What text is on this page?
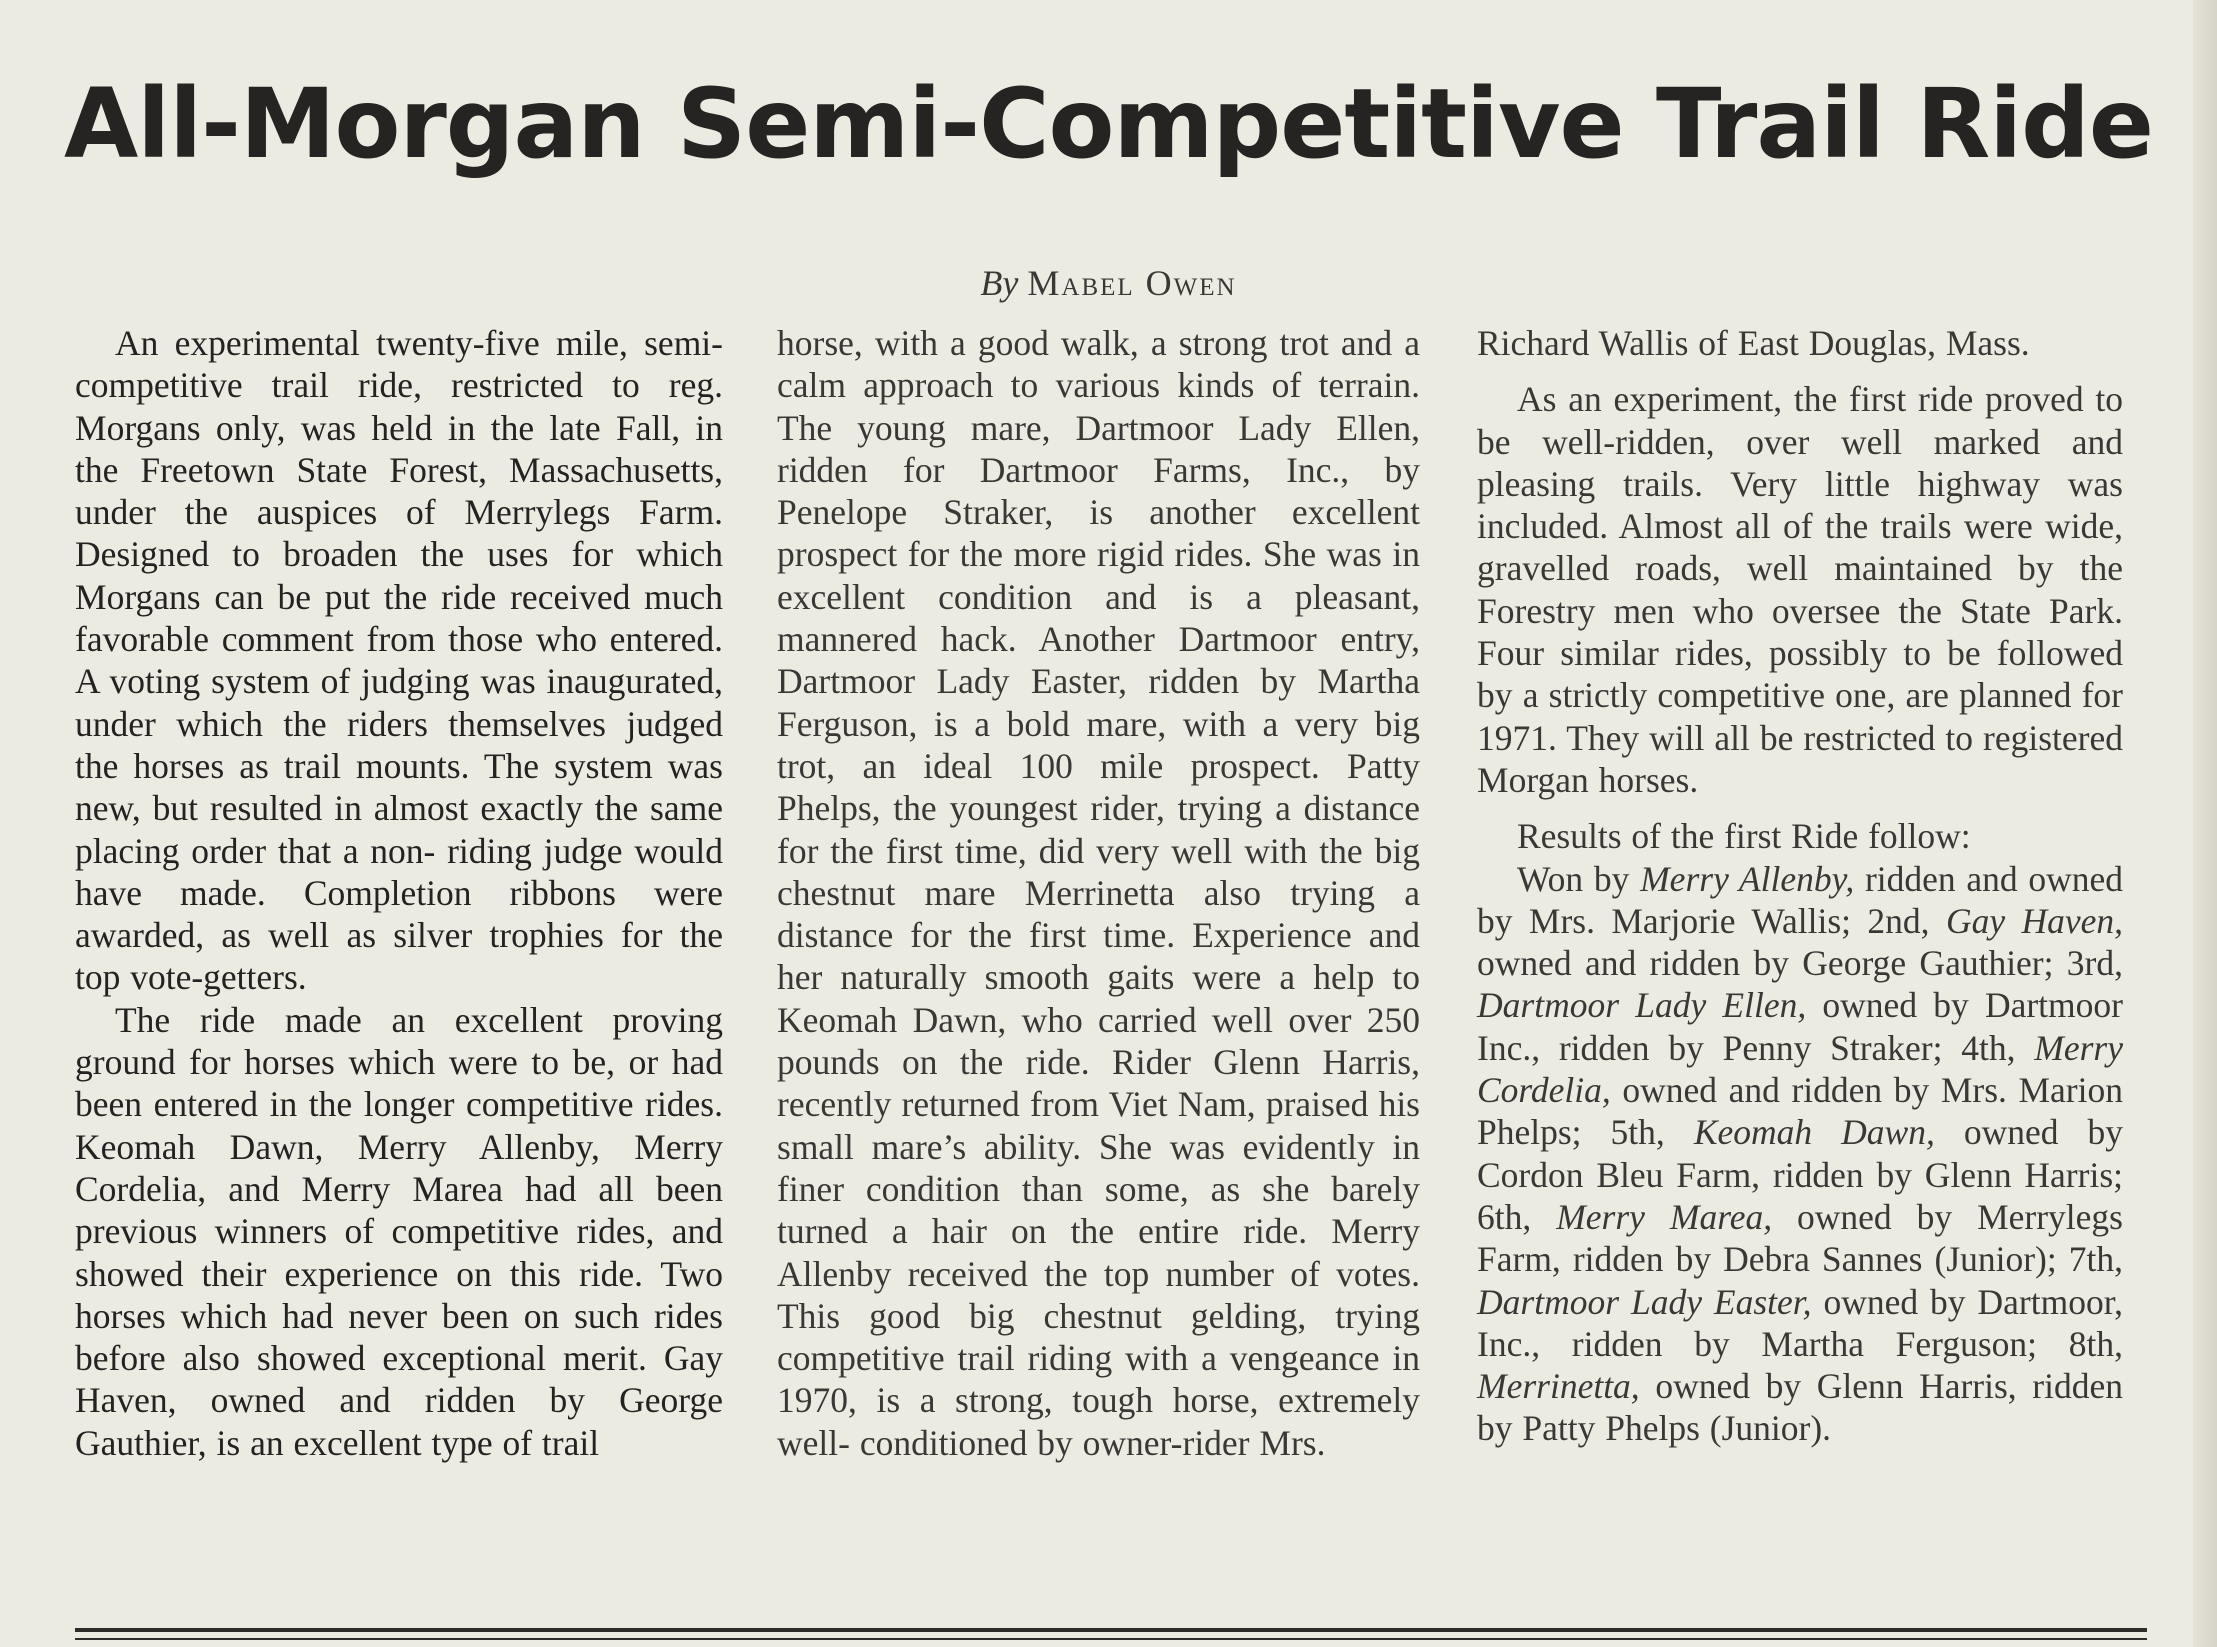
All-Morgan Semi-Competitive Trail Ride
By Mabel Owen

An experimental twenty-five mile, semi-competitive trail ride, restricted to reg. Morgans only, was held in the late Fall, in the Freetown State Forest, Massachusetts, under the auspices of Merrylegs Farm. Designed to broaden the uses for which Morgans can be put the ride received much favorable comment from those who entered. A voting system of judging was inaugurated, under which the riders themselves judged the horses as trail mounts. The system was new, but resulted in almost exactly the same placing order that a non- riding judge would have made. Completion ribbons were awarded, as well as silver trophies for the top vote-getters.

The ride made an excellent proving ground for horses which were to be, or had been entered in the longer competitive rides. Keomah Dawn, Merry Allenby, Merry Cordelia, and Merry Marea had all been previous winners of competitive rides, and showed their experience on this ride. Two horses which had never been on such rides before also showed exceptional merit. Gay Haven, owned and ridden by George Gauthier, is an excellent type of trail

horse, with a good walk, a strong trot and a calm approach to various kinds of terrain. The young mare, Dartmoor Lady Ellen, ridden for Dartmoor Farms, Inc., by Penelope Straker, is another excellent prospect for the more rigid rides. She was in excellent condition and is a pleasant, mannered hack. Another Dartmoor entry, Dartmoor Lady Easter, ridden by Martha Ferguson, is a bold mare, with a very big trot, an ideal 100 mile prospect. Patty Phelps, the youngest rider, trying a distance for the first time, did very well with the big chestnut mare Merrinetta also trying a distance for the first time. Experience and her naturally smooth gaits were a help to Keomah Dawn, who carried well over 250 pounds on the ride. Rider Glenn Harris, recently returned from Viet Nam, praised his small mare’s ability. She was evidently in finer condition than some, as she barely turned a hair on the entire ride. Merry Allenby received the top number of votes. This good big chestnut gelding, trying competitive trail riding with a vengeance in 1970, is a strong, tough horse, extremely well- conditioned by owner-rider Mrs.

Richard Wallis of East Douglas, Mass.

As an experiment, the first ride proved to be well-ridden, over well marked and pleasing trails. Very little highway was included. Almost all of the trails were wide, gravelled roads, well maintained by the Forestry men who oversee the State Park. Four similar rides, possibly to be followed by a strictly competitive one, are planned for 1971. They will all be restricted to registered Morgan horses.

Results of the first Ride follow:

Won by Merry Allenby, ridden and owned by Mrs. Marjorie Wallis; 2nd, Gay Haven, owned and ridden by George Gauthier; 3rd, Dartmoor Lady Ellen, owned by Dartmoor Inc., ridden by Penny Straker; 4th, Merry Cordelia, owned and ridden by Mrs. Marion Phelps; 5th, Keomah Dawn, owned by Cordon Bleu Farm, ridden by Glenn Harris; 6th, Merry Marea, owned by Merrylegs Farm, ridden by Debra Sannes (Junior); 7th, Dartmoor Lady Easter, owned by Dartmoor, Inc., ridden by Martha Ferguson; 8th, Merrinetta, owned by Glenn Harris, ridden by Patty Phelps (Junior).
